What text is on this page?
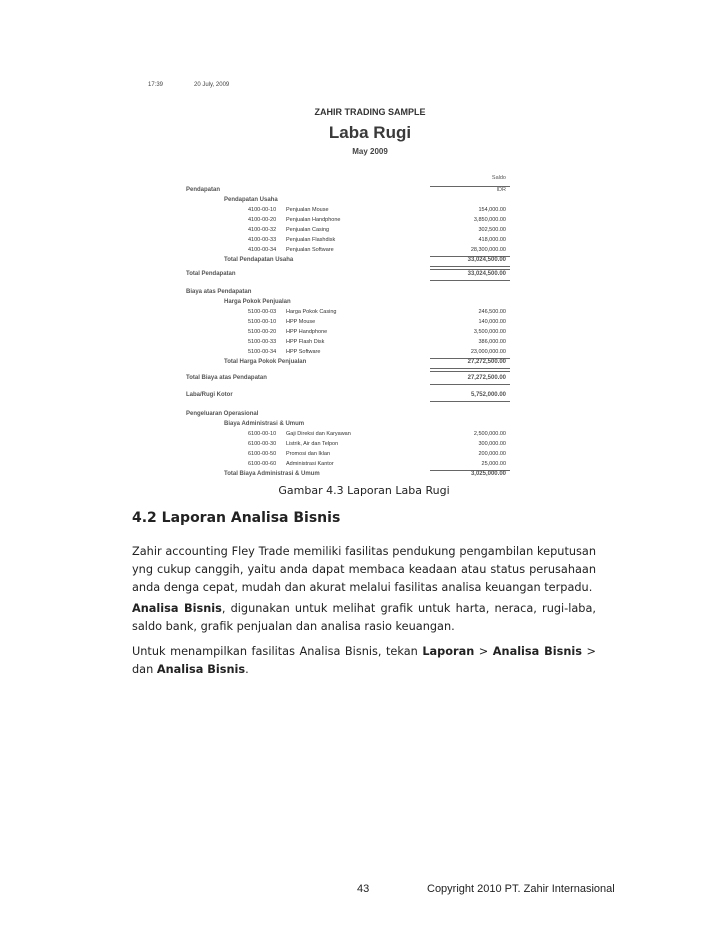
17:39	20 July, 2009
ZAHIR TRADING SAMPLE
Laba Rugi
May 2009
Saldo
IDR
Pendapatan
Pendapatan Usaha
4100-00-10 Penjualan Mouse	154,000.00
4100-00-20 Penjualan Handphone	3,850,000.00
4100-00-32 Penjualan Casing	302,500.00
4100-00-33 Penjualan Flashdisk	418,000.00
4100-00-34 Penjualan Software	28,300,000.00
Total Pendapatan Usaha	33,024,500.00
Total Pendapatan	33,024,500.00
Biaya atas Pendapatan
Harga Pokok Penjualan
5100-00-03 Harga Pokok Casing	246,500.00
5100-00-10 HPP Mouse	140,000.00
5100-00-20 HPP Handphone	3,500,000.00
5100-00-33 HPP Flash Disk	386,000.00
5100-00-34 HPP Software	23,000,000.00
Total Harga Pokok Penjualan	27,272,500.00
Total Biaya atas Pendapatan	27,272,500.00
Laba/Rugi Kotor	5,752,000.00
Pengeluaran Operasional
Biaya Administrasi & Umum
6100-00-10 Gaji Direksi dan Karyawan	2,500,000.00
6100-00-30 Listrik, Air dan Telpon	300,000.00
6100-00-50 Promosi dan Iklan	200,000.00
6100-00-60 Administrasi Kantor	25,000.00
Total Biaya Administrasi & Umum	3,025,000.00
Gambar 4.3 Laporan Laba Rugi
4.2 Laporan Analisa Bisnis

Zahir accounting Fley Trade memiliki fasilitas pendukung pengambilan keputusan yng cukup canggih, yaitu anda dapat membaca keadaan atau status perusahaan anda denga cepat, mudah dan akurat melalui fasilitas analisa keuangan terpadu.

Analisa Bisnis, digunakan untuk melihat grafik untuk harta, neraca, rugi-laba, saldo bank, grafik penjualan dan analisa rasio keuangan.

Untuk menampilkan fasilitas Analisa Bisnis, tekan Laporan > Analisa Bisnis > dan Analisa Bisnis.

43	Copyright 2010 PT. Zahir Internasional
